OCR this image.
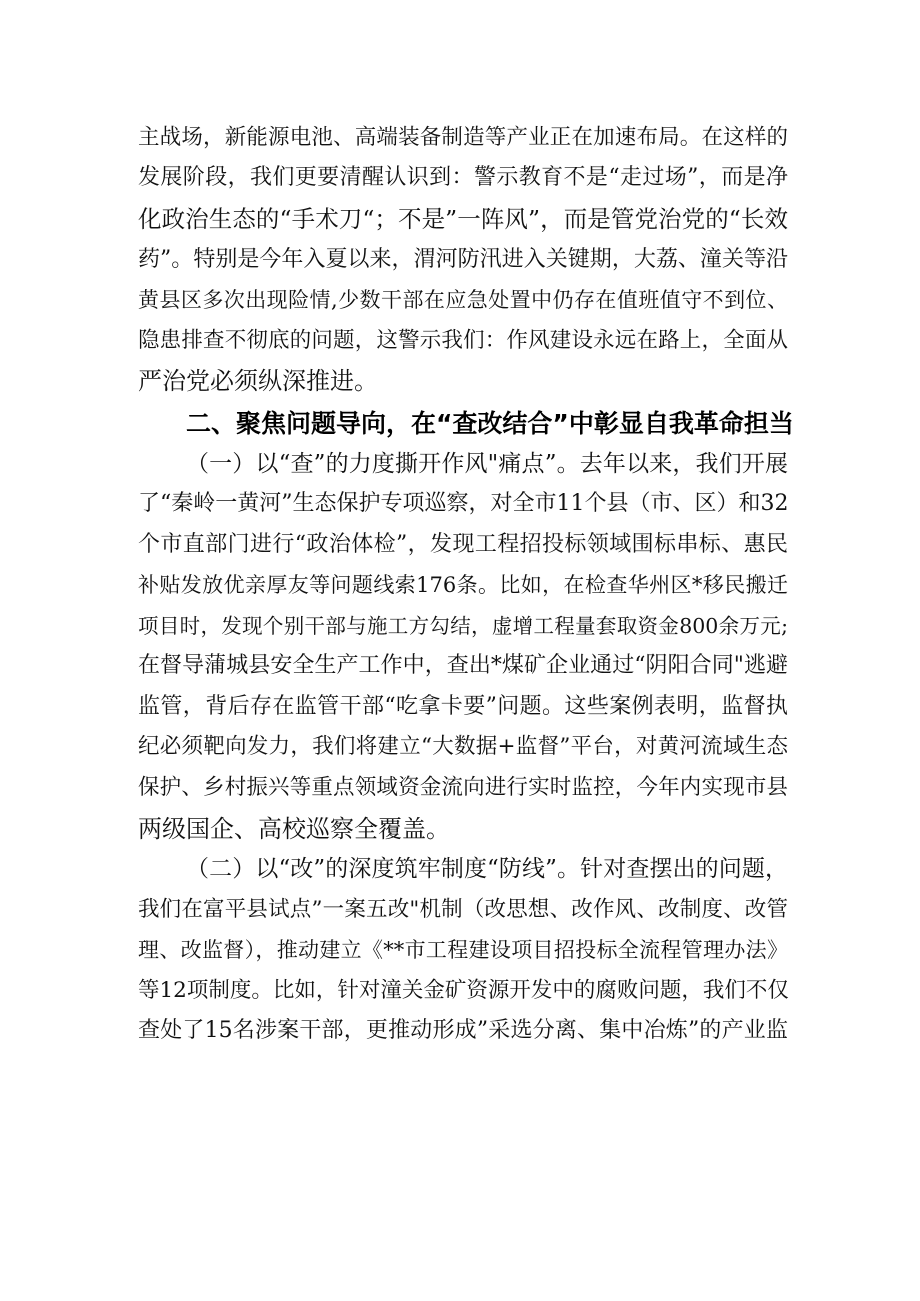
主战场，新能源电池、高端装备制造等产业正在加速布局。在这样的
发展阶段，我们更要清醒认识到：警示教育不是“走过场”，而是净
化政治生态的“手术刀“；不是”一阵风”，而是管党治党的“长效
药”。特别是今年入夏以来，渭河防汛进入关键期，大荔、潼关等沿
黄县区多次出现险情,少数干部在应急处置中仍存在值班值守不到位、
隐患排查不彻底的问题，这警示我们：作风建设永远在路上，全面从
严治党必须纵深推进。
二、聚焦问题导向，在“查改结合”中彰显自我革命担当
（一）以“查”的力度撕开作风"痛点”。去年以来，我们开展
了“秦岭一黄河”生态保护专项巡察，对全市11个县（市、区）和32
个市直部门进行“政治体检”，发现工程招投标领域围标串标、惠民
补贴发放优亲厚友等问题线索176条。比如，在检查华州区*移民搬迁
项目时，发现个别干部与施工方勾结，虚增工程量套取资金800余万元;
在督导蒲城县安全生产工作中，查出*煤矿企业通过“阴阳合同"逃避
监管，背后存在监管干部“吃拿卡要”问题。这些案例表明，监督执
纪必须靶向发力，我们将建立“大数据+监督”平台，对黄河流域生态
保护、乡村振兴等重点领域资金流向进行实时监控，今年内实现市县
两级国企、高校巡察全覆盖。
（二）以“改”的深度筑牢制度“防线”。针对查摆出的问题，
我们在富平县试点”一案五改"机制（改思想、改作风、改制度、改管
理、改监督），推动建立《**市工程建设项目招投标全流程管理办法》
等12项制度。比如，针对潼关金矿资源开发中的腐败问题，我们不仅
查处了15名涉案干部，更推动形成”采选分离、集中冶炼”的产业监
